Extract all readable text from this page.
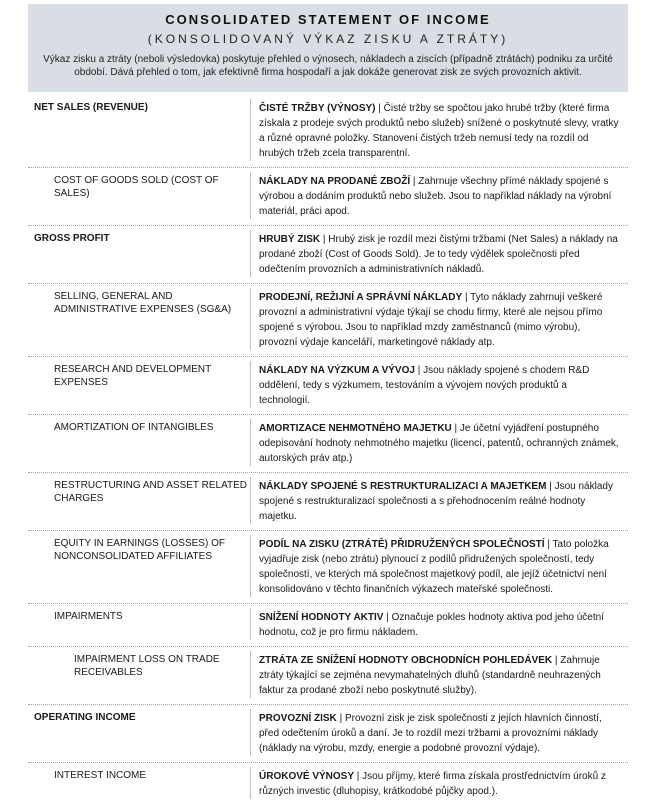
CONSOLIDATED STATEMENT OF INCOME
(KONSOLIDOVANÝ VÝKAZ ZISKU A ZTRÁTY)
Výkaz zisku a ztráty (neboli výsledovka) poskytuje přehled o výnosech, nákladech a ziscích (případně ztrátách) podniku za určité období. Dává přehled o tom, jak efektivně firma hospodaří a jak dokáže generovat zisk ze svých provozních aktivit.
NET SALES (REVENUE)	ČISTÉ TRŽBY (VÝNOSY) | Čisté tržby se spočtou jako hrubé tržby (které firma získala z prodeje svých produktů nebo služeb) snížené o poskytnuté slevy, vratky a různé opravné položky. Stanovení čistých tržeb nemusí tedy na rozdíl od hrubých tržeb zcela transparentní.
COST OF GOODS SOLD (COST OF SALES)
NÁKLADY NA PRODANÉ ZBOŽÍ | Zahrnuje všechny přímé náklady spojené s výrobou a dodáním produktů nebo služeb. Jsou to například náklady na výrobní materiál, práci apod.
GROSS PROFIT	HRUBÝ ZISK | Hrubý zisk je rozdíl mezi čistými tržbami (Net Sales) a náklady na prodané zboží (Cost of Goods Sold). Je to tedy výdělek společnosti před odečtením provozních a administrativních nákladů.
SELLING, GENERAL AND ADMINISTRATIVE EXPENSES (SG&A)
PRODEJNÍ, REŽIJNÍ A SPRÁVNÍ NÁKLADY | Tyto náklady zahrnují veškeré provozní a administrativní výdaje týkají se chodu firmy, které ale nejsou přímo spojené s výrobou. Jsou to například mzdy zaměstnanců (mimo výrobu), provozní výdaje kanceláří, marketingové náklady atp.
RESEARCH AND DEVELOPMENT EXPENSES
NÁKLADY NA VÝZKUM A VÝVOJ | Jsou náklady spojené s chodem R&D oddělení, tedy s výzkumem, testováním a vývojem nových produktů a technologií.
AMORTIZATION OF INTANGIBLES	AMORTIZACE NEHMOTNÉHO MAJETKU | Je účetní vyjádření postupného odepisování hodnoty nehmotného majetku (licencí, patentů, ochranných známek, autorských práv atp.)
RESTRUCTURING AND ASSET RELATED CHARGES
NÁKLADY SPOJENÉ S RESTRUKTURALIZACI A MAJETKEM | Jsou náklady spojené s restrukturalizací společnosti a s přehodnocením reálné hodnoty majetku.
EQUITY IN EARNINGS (LOSSES) OF NONCONSOLIDATED AFFILIATES
PODÍL NA ZISKU (ZTRÁTĚ) PŘIDRUŽENÝCH SPOLEČNOSTÍ | Tato položka vyjadřuje zisk (nebo ztrátu) plynoucí z podílů přidružených společností, tedy společností, ve kterých má společnost majetkový podíl, ale jejíž účetnictví není konsolidováno v těchto finančních výkazech mateřské společnosti.
IMPAIRMENTS	SNÍŽENÍ HODNOTY AKTIV | Označuje pokles hodnoty aktiva pod jeho účetní hodnotu, což je pro firmu nákladem.
IMPAIRMENT LOSS ON TRADE RECEIVABLES
ZTRÁTA ZE SNÍŽENÍ HODNOTY OBCHODNÍCH POHLEDÁVEK | Zahrnuje ztráty týkající se zejména nevymahatelných dluhů (standardně neuhrazených faktur za prodané zboží nebo poskytnuté služby).
OPERATING INCOME	PROVOZNÍ ZISK | Provozní zisk je zisk společnosti z jejích hlavních činností, před odečtením úroků a daní. Je to rozdíl mezi tržbami a provozními náklady (náklady na výrobu, mzdy, energie a podobné provozní výdaje).
INTEREST INCOME	ÚROKOVÉ VÝNOSY | Jsou příjmy, které firma získala prostřednictvím úroků z různých investic (dluhopisy, krátkodobé půjčky apod.).
